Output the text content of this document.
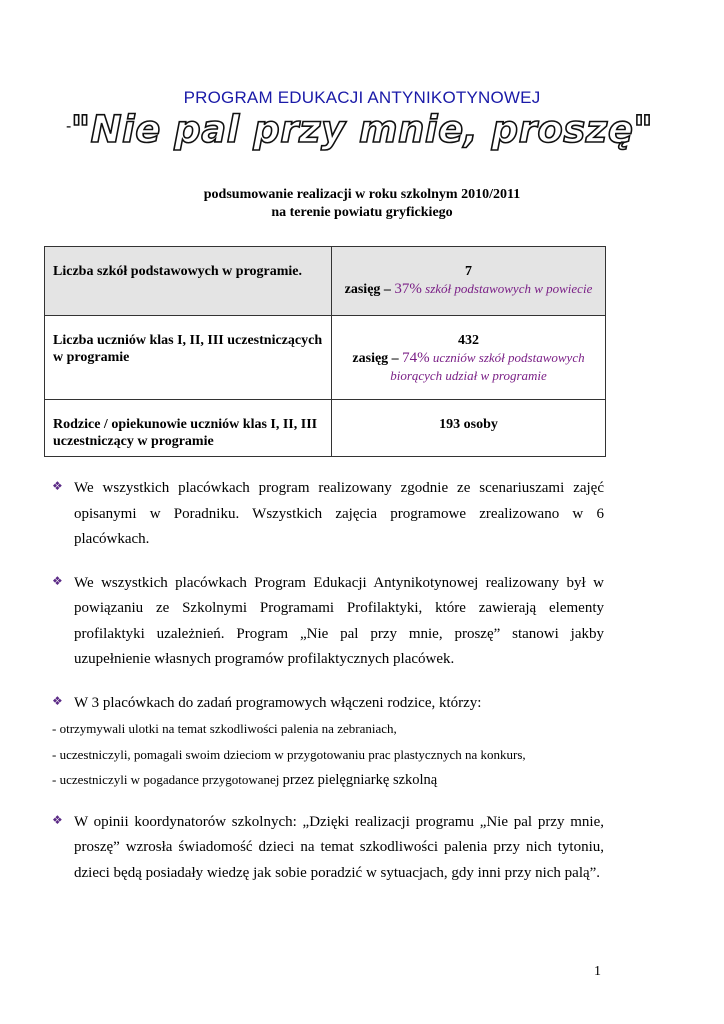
PROGRAM EDUKACJI ANTYNIKOTYNOWEJ
- "Nie pal przy mnie, proszę"
podsumowanie realizacji w roku szkolnym 2010/2011
na terenie powiatu gryfickiego
Liczba szkół podstawowych w programie.	7
zasięg – 37% szkół podstawowych w powiecie
Liczba uczniów klas I, II, III uczestniczących w programie	432
zasięg – 74% uczniów szkół podstawowych biorących udział w programie
Rodzice / opiekunowie uczniów klas I, II, III uczestniczący w programie	193 osoby
❖ We wszystkich placówkach program realizowany zgodnie ze scenariuszami zajęć opisanymi w Poradniku. Wszystkich zajęcia programowe zrealizowano w 6 placówkach.

❖ We wszystkich placówkach Program Edukacji Antynikotynowej realizowany był w powiązaniu ze Szkolnymi Programami Profilaktyki, które zawierają elementy profilaktyki uzależnień. Program „Nie pal przy mnie, proszę” stanowi jakby uzupełnienie własnych programów profilaktycznych placówek.

❖ W 3 placówkach do zadań programowych włączeni rodzice, którzy:

- otrzymywali ulotki na temat szkodliwości palenia na zebraniach,

- uczestniczyli, pomagali swoim dzieciom w przygotowaniu prac plastycznych na konkurs,

- uczestniczyli w pogadance przygotowanej przez pielęgniarkę szkolną

❖ W opinii koordynatorów szkolnych: „Dzięki realizacji programu „Nie pal przy mnie, proszę” wzrosła świadomość dzieci na temat szkodliwości palenia przy nich tytoniu, dzieci będą posiadały wiedzę jak sobie poradzić w sytuacjach, gdy inni przy nich palą”.

1
